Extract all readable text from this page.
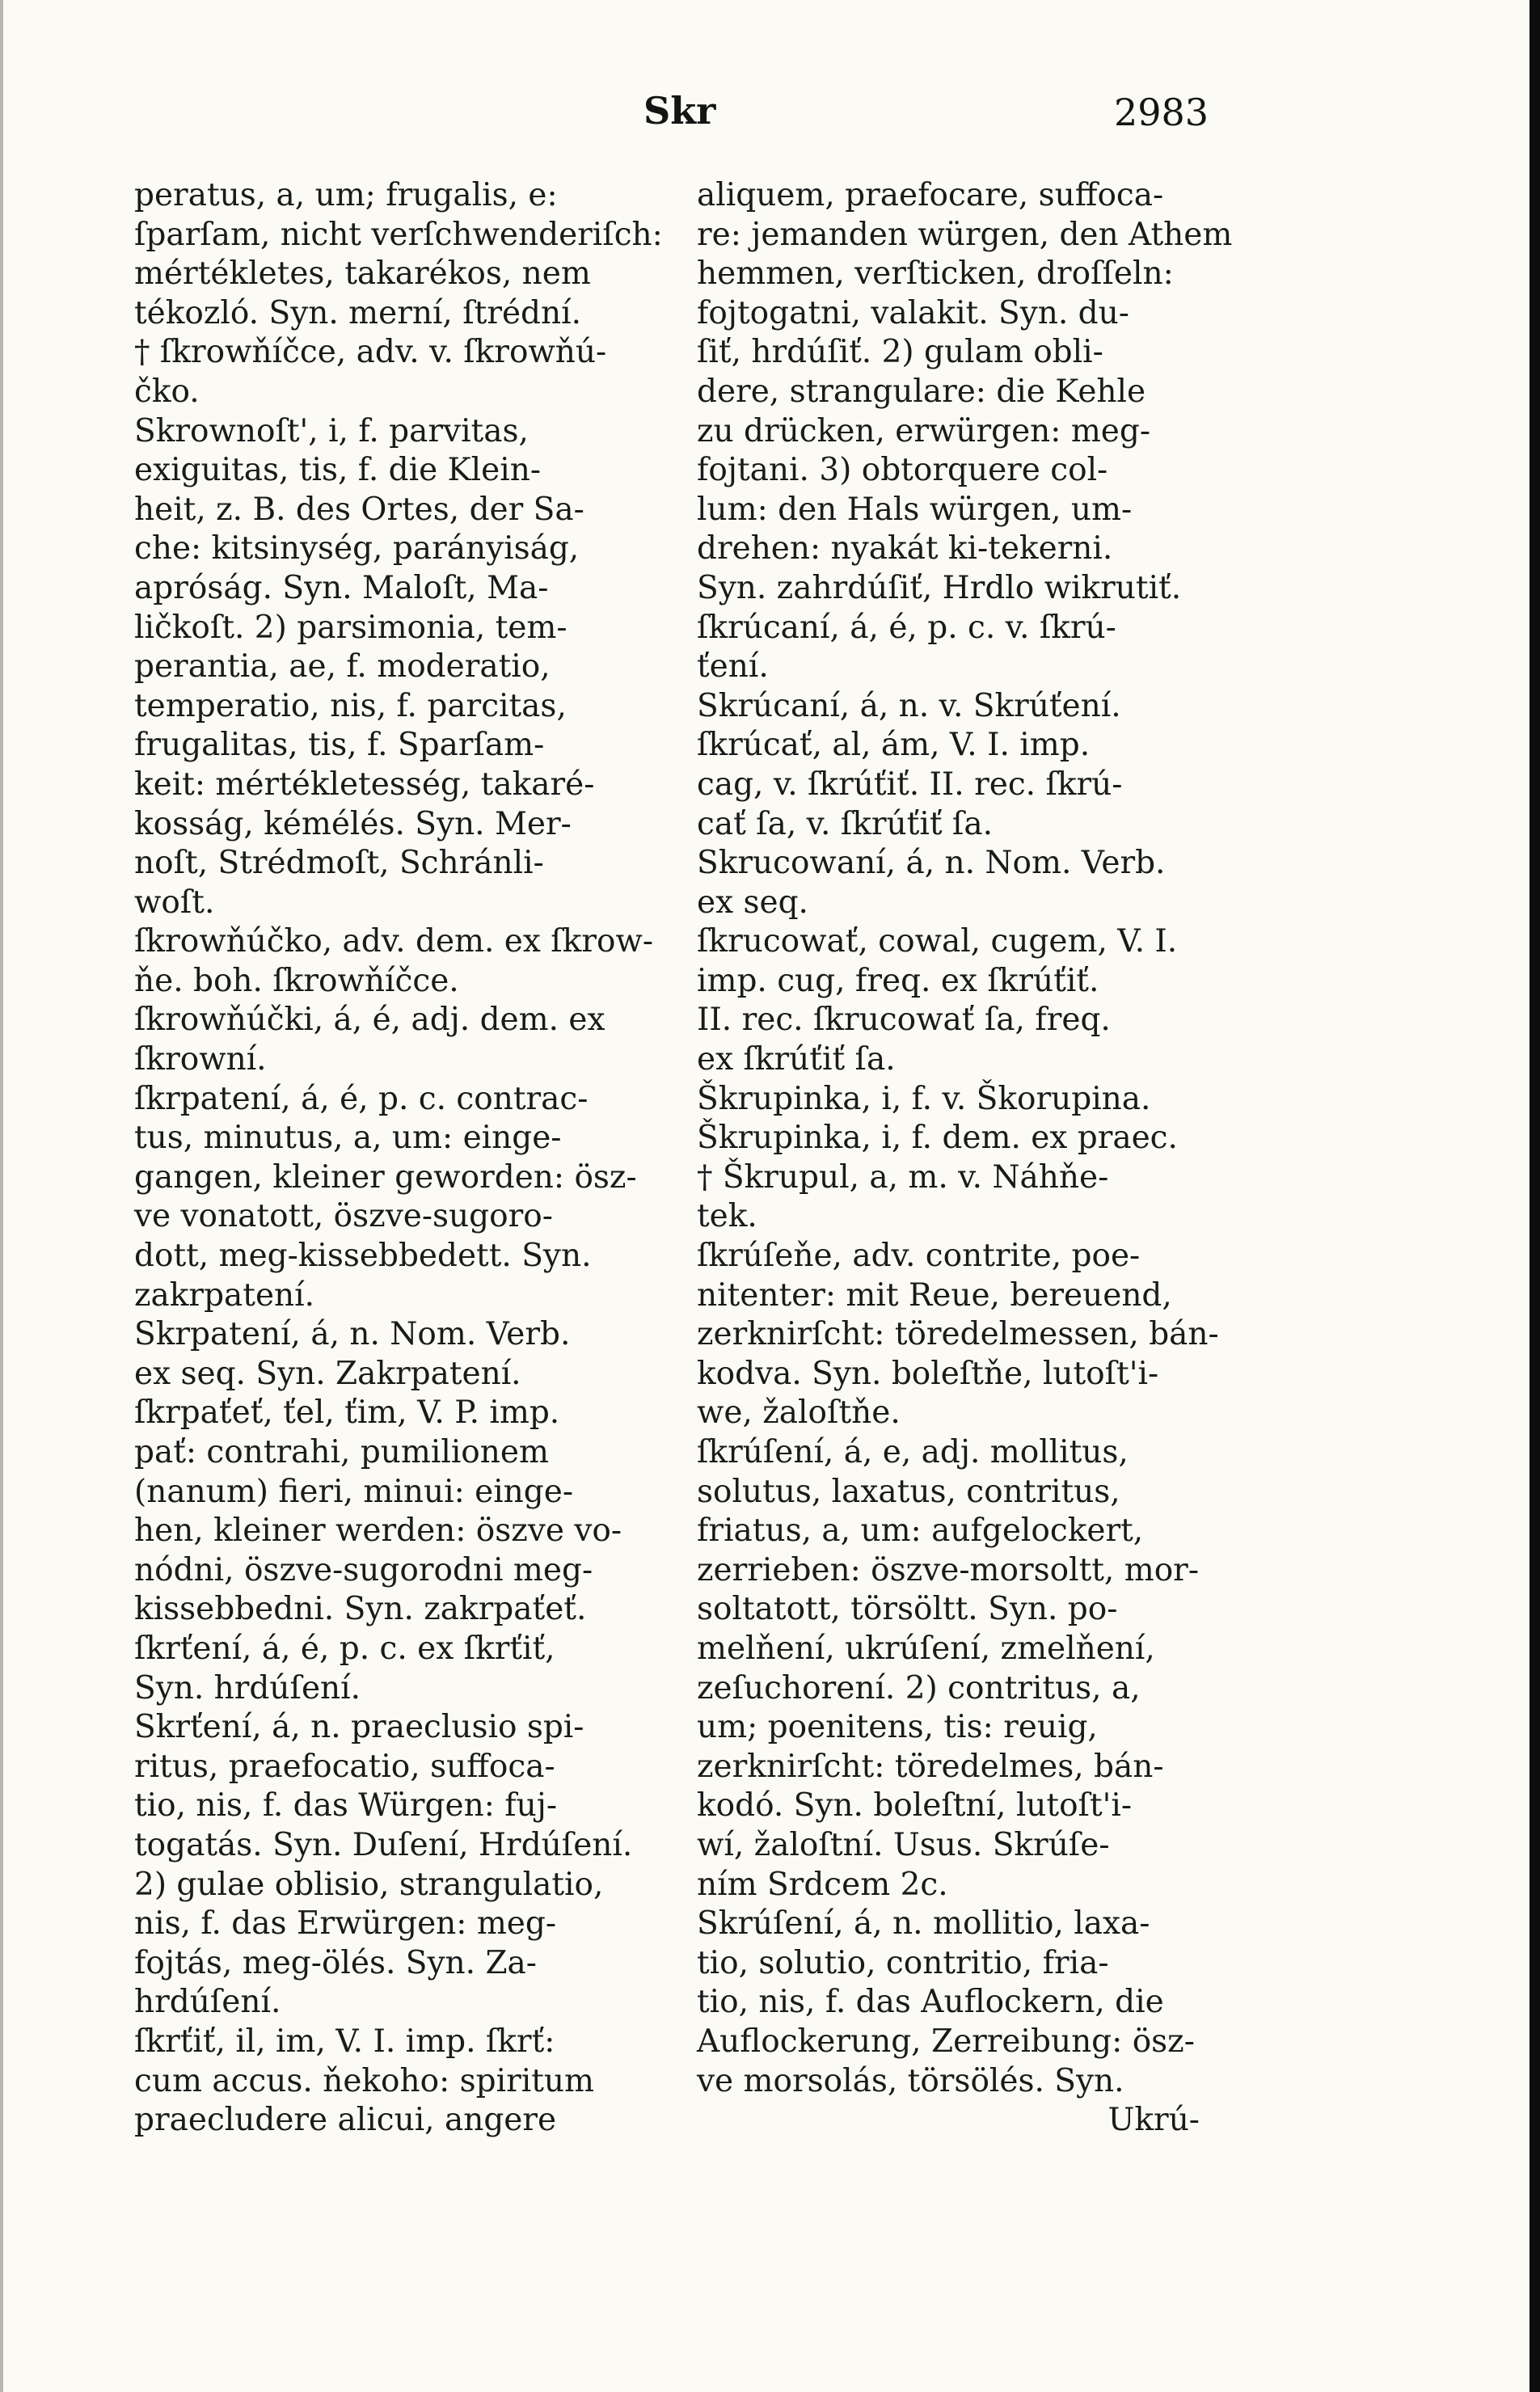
Skr	2983
peratus, a, um; frugalis, e:
ſparſam, nicht verſchwenderiſch:
mértékletes, takarékos, nem
tékozló. Syn. merní, ſtrédní.
† ſkrowňíčce, adv. v. ſkrowňú-
čko.
Skrownoſt', i, f. parvitas,
exiguitas, tis, f. die Klein-
heit, z. B. des Ortes, der Sa-
che: kitsinység, parányiság,
apróság. Syn. Maloſt, Ma-
ličkoſt. 2) parsimonia, tem-
perantia, ae, f. moderatio,
temperatio, nis, f. parcitas,
frugalitas, tis, f. Sparſam-
keit: mértékletesség, takaré-
kosság, kémélés. Syn. Mer-
noſt, Strédmoſt, Schránli-
woſt.
ſkrowňúčko, adv. dem. ex ſkrow-
ňe. boh. ſkrowňíčce.
ſkrowňúčki, á, é, adj. dem. ex
ſkrowní.
ſkrpatení, á, é, p. c. contrac-
tus, minutus, a, um: einge-
gangen, kleiner geworden: ösz-
ve vonatott, öszve-sugoro-
dott, meg-kissebbedett. Syn.
zakrpatení.
Skrpatení, á, n. Nom. Verb.
ex seq. Syn. Zakrpatení.
ſkrpaťeť, ťel, ťim, V. P. imp.
pať: contrahi, pumilionem
(nanum) fieri, minui: einge-
hen, kleiner werden: öszve vo-
nódni, öszve-sugorodni meg-
kissebbedni. Syn. zakrpaťeť.
ſkrťení, á, é, p. c. ex ſkrťiť,
Syn. hrdúſení.
Skrťení, á, n. praeclusio spi-
ritus, praefocatio, suffoca-
tio, nis, f. das Würgen: fuj-
togatás. Syn. Duſení, Hrdúſení.
2) gulae oblisio, strangulatio,
nis, f. das Erwürgen: meg-
fojtás, meg-ölés. Syn. Za-
hrdúſení.
ſkrťiť, il, im, V. I. imp. ſkrť:
cum accus. ňekoho: spiritum
praecludere alicui, angere
aliquem, praefocare, suffoca-
re: jemanden würgen, den Athem
hemmen, verſticken, droſſeln:
fojtogatni, valakit. Syn. du-
ſiť, hrdúſiť. 2) gulam obli-
dere, strangulare: die Kehle
zu drücken, erwürgen: meg-
fojtani. 3) obtorquere col-
lum: den Hals würgen, um-
drehen: nyakát ki-tekerni.
Syn. zahrdúſiť, Hrdlo wikrutiť.
ſkrúcaní, á, é, p. c. v. ſkrú-
ťení.
Skrúcaní, á, n. v. Skrúťení.
ſkrúcať, al, ám, V. I. imp.
cag, v. ſkrúťiť. II. rec. ſkrú-
cať ſa, v. ſkrúťiť ſa.
Skrucowaní, á, n. Nom. Verb.
ex seq.
ſkrucowať, cowal, cugem, V. I.
imp. cug, freq. ex ſkrúťiť.
II. rec. ſkrucowať ſa, freq.
ex ſkrúťiť ſa.
Škrupinka, i, f. v. Škorupina.
Škrupinka, i, f. dem. ex praec.
† Škrupul, a, m. v. Náhňe-
tek.
ſkrúſeňe, adv. contrite, poe-
nitenter: mit Reue, bereuend,
zerknirſcht: töredelmessen, bán-
kodva. Syn. boleſtňe, lutoſt'i-
we, žaloſtňe.
ſkrúſení, á, e, adj. mollitus,
solutus, laxatus, contritus,
friatus, a, um: aufgelockert,
zerrieben: öszve-morsoltt, mor-
soltatott, törsöltt. Syn. po-
melňení, ukrúſení, zmelňení,
zeſuchorení. 2) contritus, a,
um; poenitens, tis: reuig,
zerknirſcht: töredelmes, bán-
kodó. Syn. boleſtní, lutoſt'i-
wí, žaloſtní. Usus. Skrúſe-
ním Srdcem 2c.
Skrúſení, á, n. mollitio, laxa-
tio, solutio, contritio, fria-
tio, nis, f. das Auflockern, die
Auflockerung, Zerreibung: ösz-
ve morsolás, törsölés. Syn.
Ukrú-
